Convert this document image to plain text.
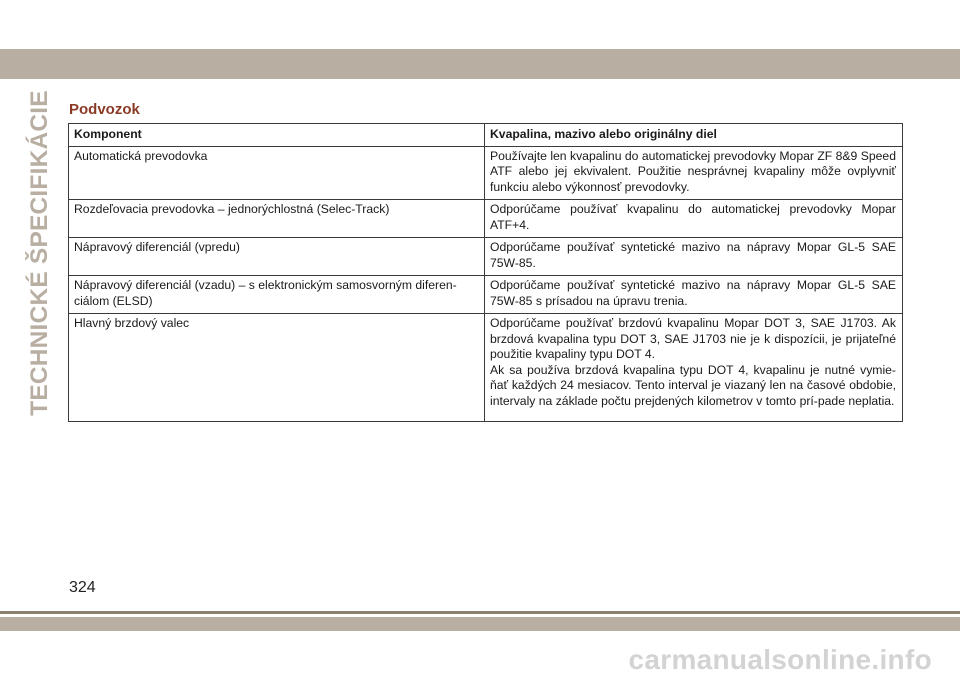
TECHNICKÉ ŠPECIFIKÁCIE Podvozok
Komponent	Kvapalina, mazivo alebo originálny diel
Automatická prevodovka	Používajte len kvapalinu do automatickej prevodovky Mopar ZF 8&9 Speed ATF alebo jej ekvivalent. Použitie nesprávnej kvapaliny môže ovplyvniť funkciu alebo výkonnosť prevodovky.
Rozdeľovacia prevodovka – jednorýchlostná (Selec-Track)	Odporúčame používať kvapalinu do automatickej prevodovky Mopar ATF+4.
Nápravový diferenciál (vpredu)	Odporúčame používať syntetické mazivo na nápravy Mopar GL-5 SAE 75W-85.
Nápravový diferenciál (vzadu) – s elektronickým samosvorným diferen-ciálom (ELSD)	Odporúčame používať syntetické mazivo na nápravy Mopar GL-5 SAE 75W-85 s prísadou na úpravu trenia.
Hlavný brzdový valec	Odporúčame používať brzdovú kvapalinu Mopar DOT 3, SAE J1703. Ak brzdová kvapalina typu DOT 3, SAE J1703 nie je k dispozícii, je prijateľné použitie kvapaliny typu DOT 4.
Ak sa používa brzdová kvapalina typu DOT 4, kvapalinu je nutné vymie-ňať každých 24 mesiacov. Tento interval je viazaný len na časové obdobie, intervaly na základe počtu prejdených kilometrov v tomto prí-pade neplatia.
324
carmanualsonline.info
